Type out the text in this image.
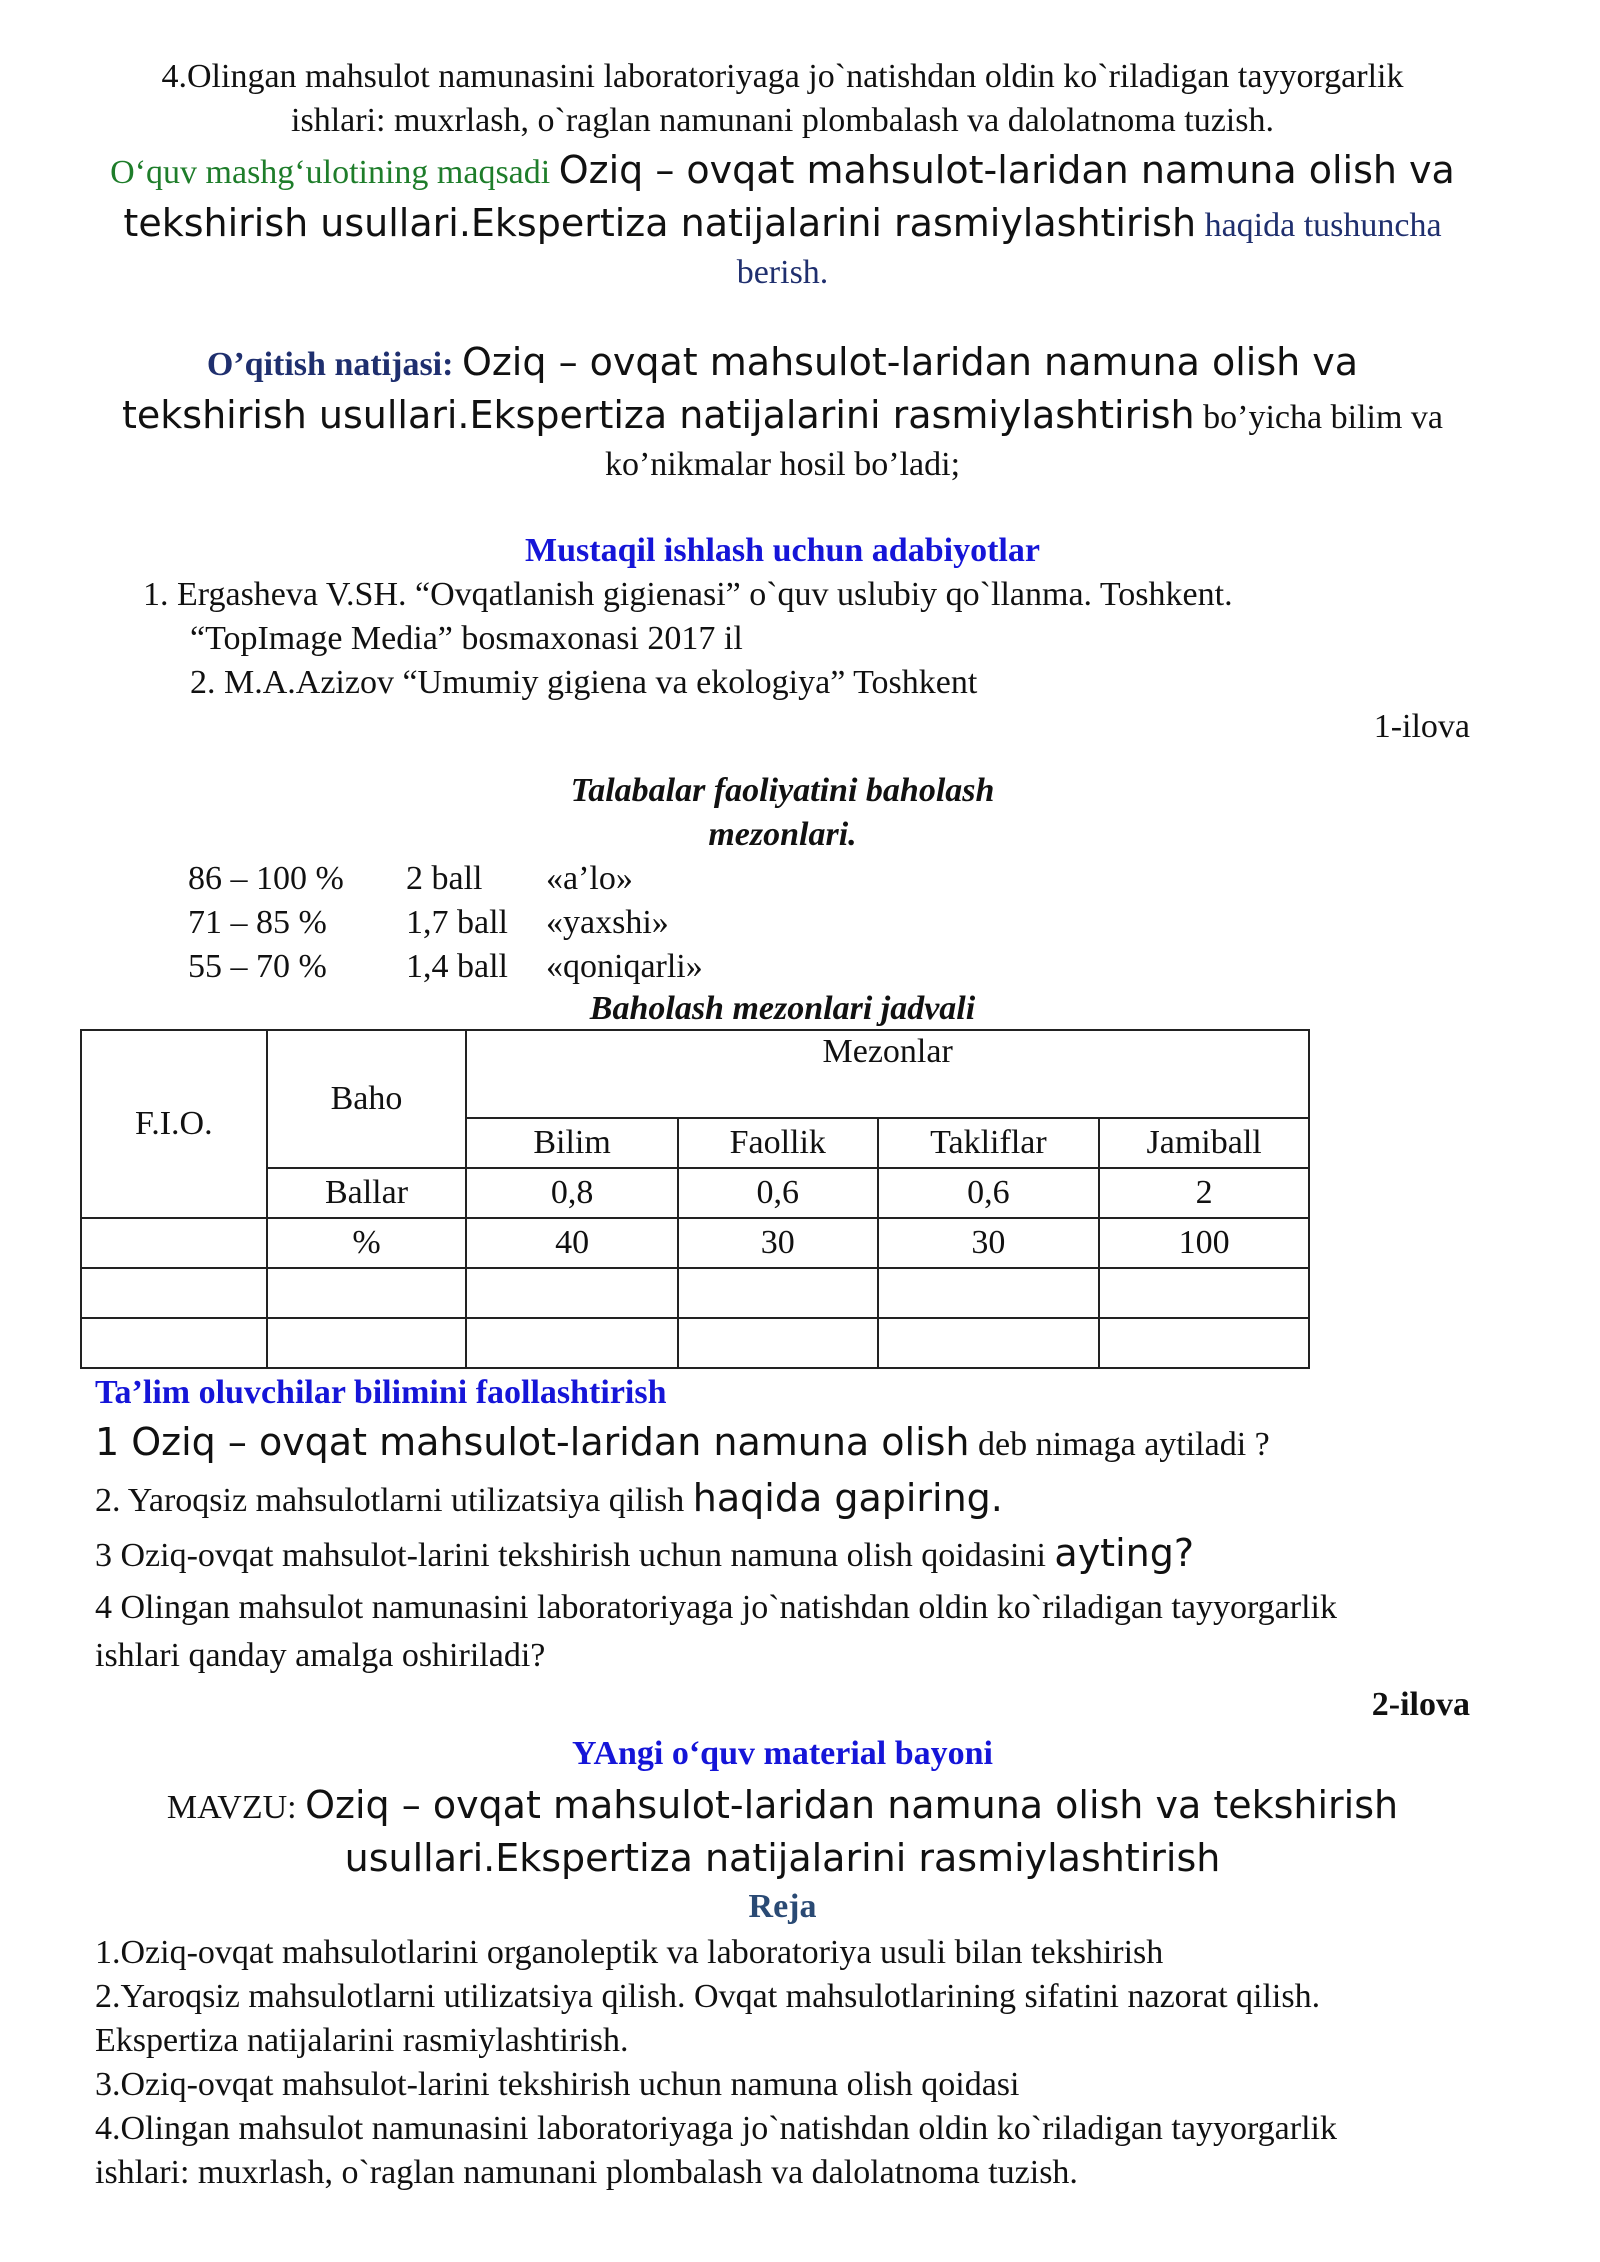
4.Olingan mahsulot namunasini laboratoriyaga jo`natishdan oldin ko`riladigan tayyorgarlik

ishlari: muxrlash, o`raglan namunani plombalash va dalolatnoma tuzish.

O‘quv mashg‘ulotining maqsadi Oziq – ovqat mahsulot-laridan namuna olish va

tekshirish usullari.Ekspertiza natijalarini rasmiylashtirish haqida tushuncha

berish.

O’qitish natijasi: Oziq – ovqat mahsulot-laridan namuna olish va

tekshirish usullari.Ekspertiza natijalarini rasmiylashtirish bo’yicha bilim va

ko’nikmalar hosil bo’ladi;

Mustaqil ishlash uchun adabiyotlar

1. Ergasheva V.SH. “Ovqatlanish gigienasi” o`quv uslubiy qo`llanma. Toshkent.

“TopImage Media” bosmaxonasi 2017 il

2. M.A.Azizov “Umumiy gigiena va ekologiya” Toshkent

1-ilova

Talabalar faoliyatini baholash

mezonlari.

86 – 100 %	2 ball	«a’lo»
71 – 85 %	1,7 ball	«yaxshi»
55 – 70 %	1,4 ball	«qoniqarli»

Baholash mezonlari jadvali

F.I.O.	Baho	Mezonlar			
		Bilim	Faollik	Takliflar	Jamiball
	Ballar	0,8	0,6	0,6	2
	%	40	30	30	100

Ta’lim oluvchilar bilimini faollashtirish

1 Oziq – ovqat mahsulot-laridan namuna olish deb nimaga aytiladi ?

2. Yaroqsiz mahsulotlarni utilizatsiya qilish haqida gapiring.

3 Oziq-ovqat mahsulot-larini tekshirish uchun namuna olish qoidasini ayting?

4 Olingan mahsulot namunasini laboratoriyaga jo`natishdan oldin ko`riladigan tayyorgarlik

ishlari qanday amalga oshiriladi?

2-ilova

YAngi o‘quv material bayoni

MAVZU: Oziq – ovqat mahsulot-laridan namuna olish va tekshirish

usullari.Ekspertiza natijalarini rasmiylashtirish

Reja

1.Oziq-ovqat mahsulotlarini organoleptik va laboratoriya usuli bilan tekshirish

2.Yaroqsiz mahsulotlarni utilizatsiya qilish. Ovqat mahsulotlarining sifatini nazorat qilish.

Ekspertiza natijalarini rasmiylashtirish.

3.Oziq-ovqat mahsulot-larini tekshirish uchun namuna olish qoidasi

4.Olingan mahsulot namunasini laboratoriyaga jo`natishdan oldin ko`riladigan tayyorgarlik

ishlari: muxrlash, o`raglan namunani plombalash va dalolatnoma tuzish.
